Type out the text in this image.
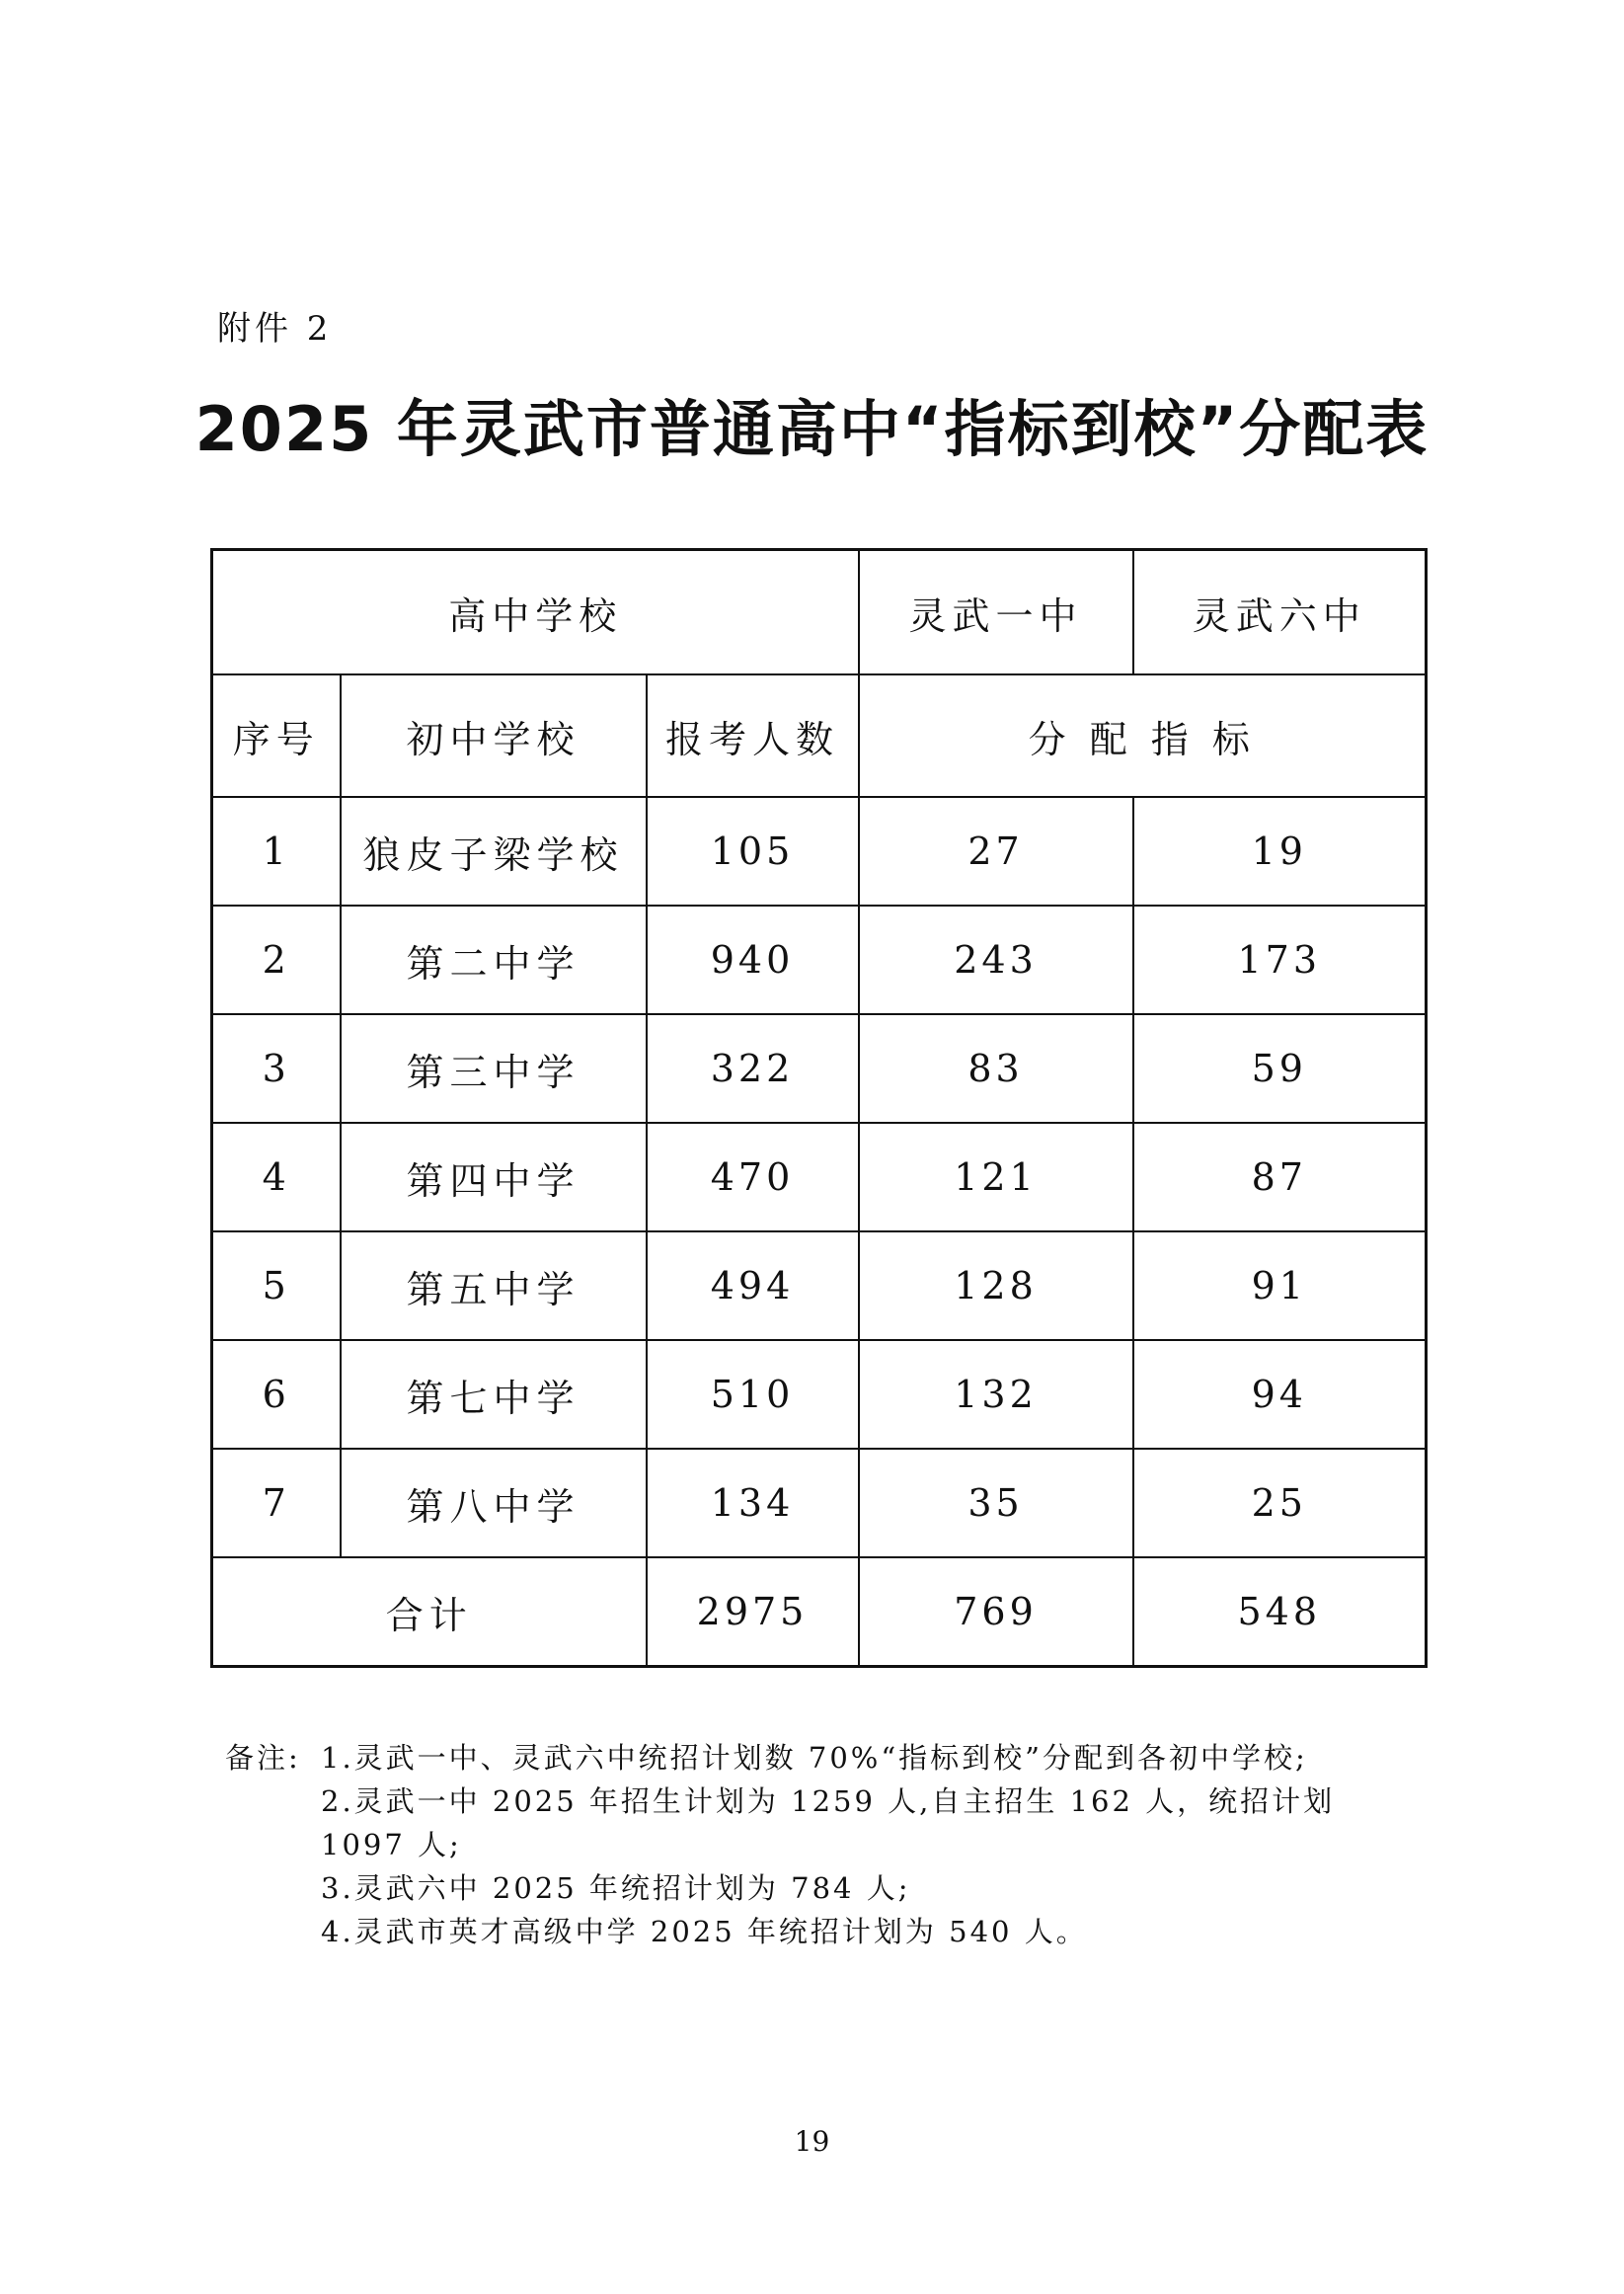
附件 2
2025 年灵武市普通高中“指标到校”分配表
高中学校			灵武一中	灵武六中
序号	初中学校	报考人数	分 配 指 标	
1	狼皮子梁学校	105	27	19
2	第二中学	940	243	173
3	第三中学	322	83	59
4	第四中学	470	121	87
5	第五中学	494	128	91
6	第七中学	510	132	94
7	第八中学	134	35	25
合计		2975	769	548
备注: 1.灵武一中、灵武六中统招计划数 70%“指标到校”分配到各初中学校;
2.灵武一中 2025 年招生计划为 1259 人,自主招生 162 人，统招计划 1097 人;
3.灵武六中 2025 年统招计划为 784 人;
4.灵武市英才高级中学 2025 年统招计划为 540 人。
19
